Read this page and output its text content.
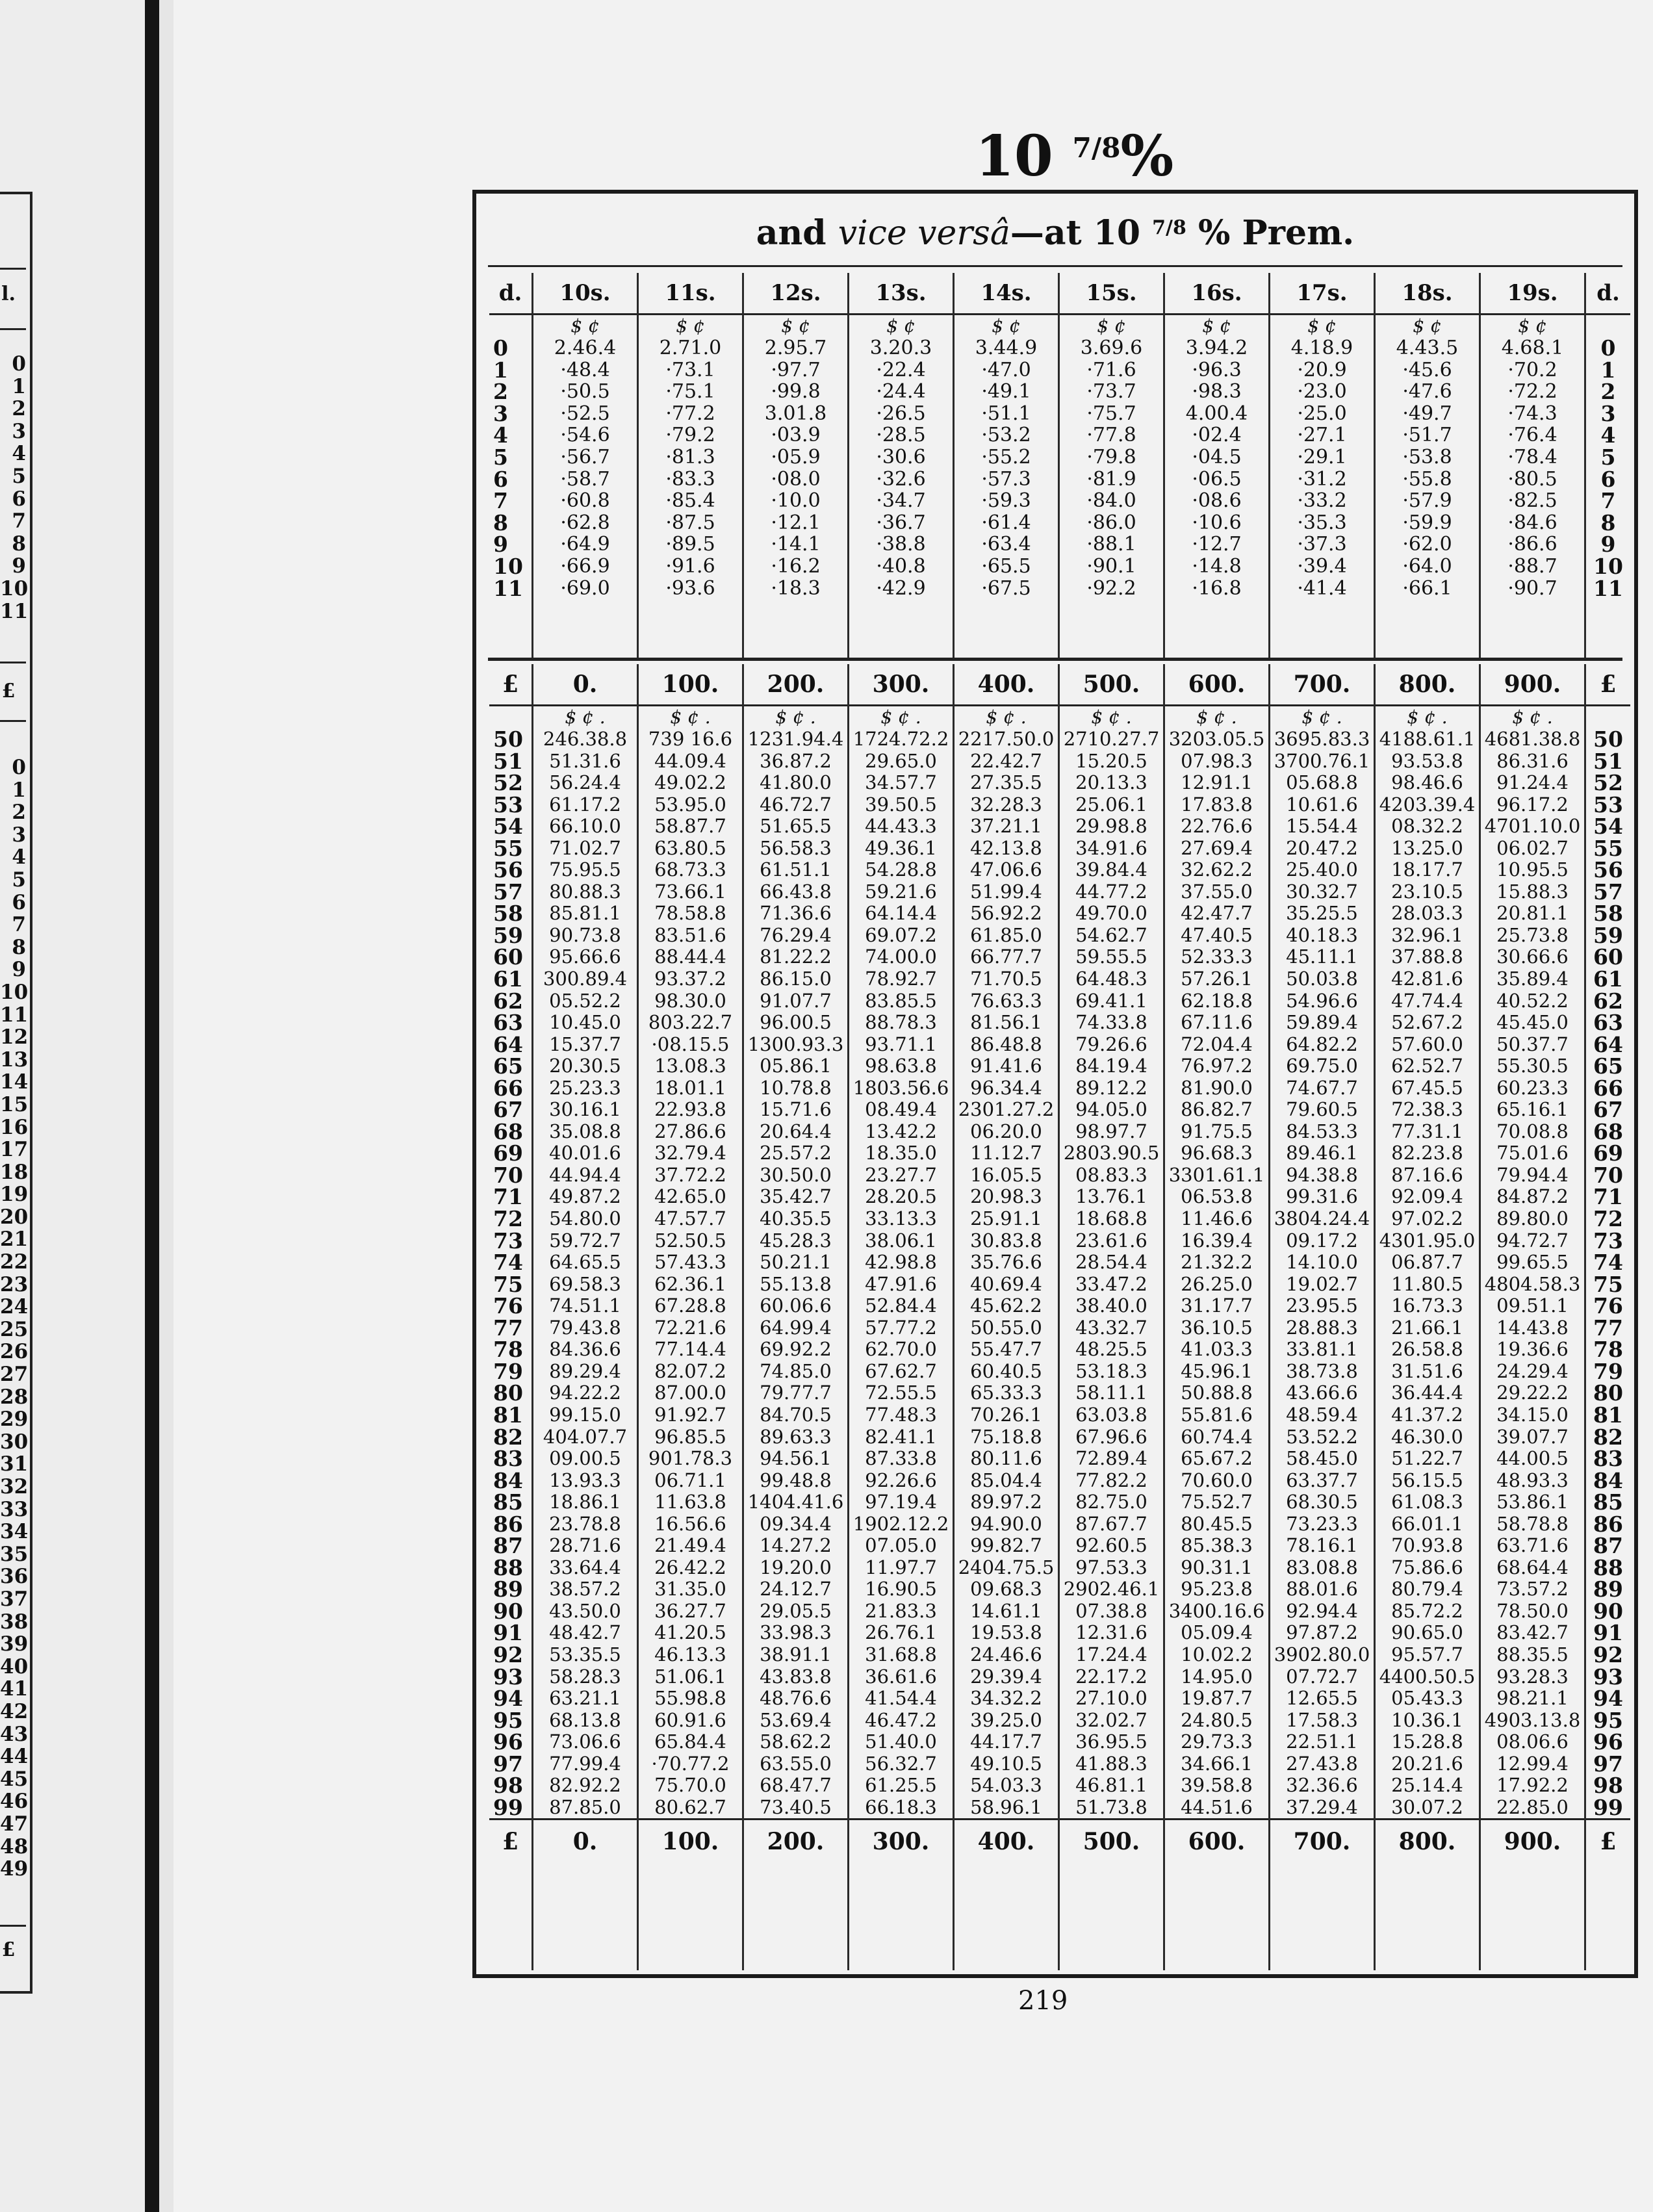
l.
0
1
2
3
4
5
6
7
8
9
10
11
£
0
1
2
3
4
5
6
7
8
9
10
11
12
13
14
15
16
17
18
19
20
21
22
23
24
25
26
27
28
29
30
31
32
33
34
35
36
37
38
39
40
41
42
43
44
45
46
47
48
49
£
10 $^{7/8}$%
and vice versâ—at 10 $^{7/8}$ % Prem.
d.
0
1
2
3
4
5
6
7
8
9
10
11
10s.
$ ¢
2.46.4
·48.4
·50.5
·52.5
·54.6
·56.7
·58.7
·60.8
·62.8
·64.9
·66.9
·69.0
11s.
$ ¢
2.71.0
·73.1
·75.1
·77.2
·79.2
·81.3
·83.3
·85.4
·87.5
·89.5
·91.6
·93.6
12s.
$ ¢
2.95.7
·97.7
·99.8
3.01.8
·03.9
·05.9
·08.0
·10.0
·12.1
·14.1
·16.2
·18.3
13s.
$ ¢
3.20.3
·22.4
·24.4
·26.5
·28.5
·30.6
·32.6
·34.7
·36.7
·38.8
·40.8
·42.9
14s.
$ ¢
3.44.9
·47.0
·49.1
·51.1
·53.2
·55.2
·57.3
·59.3
·61.4
·63.4
·65.5
·67.5
15s.
$ ¢
3.69.6
·71.6
·73.7
·75.7
·77.8
·79.8
·81.9
·84.0
·86.0
·88.1
·90.1
·92.2
16s.
$ ¢
3.94.2
·96.3
·98.3
4.00.4
·02.4
·04.5
·06.5
·08.6
·10.6
·12.7
·14.8
·16.8
17s.
$ ¢
4.18.9
·20.9
·23.0
·25.0
·27.1
·29.1
·31.2
·33.2
·35.3
·37.3
·39.4
·41.4
18s.
$ ¢
4.43.5
·45.6
·47.6
·49.7
·51.7
·53.8
·55.8
·57.9
·59.9
·62.0
·64.0
·66.1
19s.
$ ¢
4.68.1
·70.2
·72.2
·74.3
·76.4
·78.4
·80.5
·82.5
·84.6
·86.6
·88.7
·90.7
d.
0
1
2
3
4
5
6
7
8
9
10
11
£
50
51
52
53
54
55
56
57
58
59
60
61
62
63
64
65
66
67
68
69
70
71
72
73
74
75
76
77
78
79
80
81
82
83
84
85
86
87
88
89
90
91
92
93
94
95
96
97
98
99
£
0.
$ ¢ .
246.38.8
51.31.6
56.24.4
61.17.2
66.10.0
71.02.7
75.95.5
80.88.3
85.81.1
90.73.8
95.66.6
300.89.4
05.52.2
10.45.0
15.37.7
20.30.5
25.23.3
30.16.1
35.08.8
40.01.6
44.94.4
49.87.2
54.80.0
59.72.7
64.65.5
69.58.3
74.51.1
79.43.8
84.36.6
89.29.4
94.22.2
99.15.0
404.07.7
09.00.5
13.93.3
18.86.1
23.78.8
28.71.6
33.64.4
38.57.2
43.50.0
48.42.7
53.35.5
58.28.3
63.21.1
68.13.8
73.06.6
77.99.4
82.92.2
87.85.0
0.
100.
$ ¢ .
739 16.6
44.09.4
49.02.2
53.95.0
58.87.7
63.80.5
68.73.3
73.66.1
78.58.8
83.51.6
88.44.4
93.37.2
98.30.0
803.22.7
·08.15.5
13.08.3
18.01.1
22.93.8
27.86.6
32.79.4
37.72.2
42.65.0
47.57.7
52.50.5
57.43.3
62.36.1
67.28.8
72.21.6
77.14.4
82.07.2
87.00.0
91.92.7
96.85.5
901.78.3
06.71.1
11.63.8
16.56.6
21.49.4
26.42.2
31.35.0
36.27.7
41.20.5
46.13.3
51.06.1
55.98.8
60.91.6
65.84.4
·70.77.2
75.70.0
80.62.7
100.
200.
$ ¢ .
1231.94.4
36.87.2
41.80.0
46.72.7
51.65.5
56.58.3
61.51.1
66.43.8
71.36.6
76.29.4
81.22.2
86.15.0
91.07.7
96.00.5
1300.93.3
05.86.1
10.78.8
15.71.6
20.64.4
25.57.2
30.50.0
35.42.7
40.35.5
45.28.3
50.21.1
55.13.8
60.06.6
64.99.4
69.92.2
74.85.0
79.77.7
84.70.5
89.63.3
94.56.1
99.48.8
1404.41.6
09.34.4
14.27.2
19.20.0
24.12.7
29.05.5
33.98.3
38.91.1
43.83.8
48.76.6
53.69.4
58.62.2
63.55.0
68.47.7
73.40.5
200.
300.
$ ¢ .
1724.72.2
29.65.0
34.57.7
39.50.5
44.43.3
49.36.1
54.28.8
59.21.6
64.14.4
69.07.2
74.00.0
78.92.7
83.85.5
88.78.3
93.71.1
98.63.8
1803.56.6
08.49.4
13.42.2
18.35.0
23.27.7
28.20.5
33.13.3
38.06.1
42.98.8
47.91.6
52.84.4
57.77.2
62.70.0
67.62.7
72.55.5
77.48.3
82.41.1
87.33.8
92.26.6
97.19.4
1902.12.2
07.05.0
11.97.7
16.90.5
21.83.3
26.76.1
31.68.8
36.61.6
41.54.4
46.47.2
51.40.0
56.32.7
61.25.5
66.18.3
300.
400.
$ ¢ .
2217.50.0
22.42.7
27.35.5
32.28.3
37.21.1
42.13.8
47.06.6
51.99.4
56.92.2
61.85.0
66.77.7
71.70.5
76.63.3
81.56.1
86.48.8
91.41.6
96.34.4
2301.27.2
06.20.0
11.12.7
16.05.5
20.98.3
25.91.1
30.83.8
35.76.6
40.69.4
45.62.2
50.55.0
55.47.7
60.40.5
65.33.3
70.26.1
75.18.8
80.11.6
85.04.4
89.97.2
94.90.0
99.82.7
2404.75.5
09.68.3
14.61.1
19.53.8
24.46.6
29.39.4
34.32.2
39.25.0
44.17.7
49.10.5
54.03.3
58.96.1
400.
500.
$ ¢ .
2710.27.7
15.20.5
20.13.3
25.06.1
29.98.8
34.91.6
39.84.4
44.77.2
49.70.0
54.62.7
59.55.5
64.48.3
69.41.1
74.33.8
79.26.6
84.19.4
89.12.2
94.05.0
98.97.7
2803.90.5
08.83.3
13.76.1
18.68.8
23.61.6
28.54.4
33.47.2
38.40.0
43.32.7
48.25.5
53.18.3
58.11.1
63.03.8
67.96.6
72.89.4
77.82.2
82.75.0
87.67.7
92.60.5
97.53.3
2902.46.1
07.38.8
12.31.6
17.24.4
22.17.2
27.10.0
32.02.7
36.95.5
41.88.3
46.81.1
51.73.8
500.
600.
$ ¢ .
3203.05.5
07.98.3
12.91.1
17.83.8
22.76.6
27.69.4
32.62.2
37.55.0
42.47.7
47.40.5
52.33.3
57.26.1
62.18.8
67.11.6
72.04.4
76.97.2
81.90.0
86.82.7
91.75.5
96.68.3
3301.61.1
06.53.8
11.46.6
16.39.4
21.32.2
26.25.0
31.17.7
36.10.5
41.03.3
45.96.1
50.88.8
55.81.6
60.74.4
65.67.2
70.60.0
75.52.7
80.45.5
85.38.3
90.31.1
95.23.8
3400.16.6
05.09.4
10.02.2
14.95.0
19.87.7
24.80.5
29.73.3
34.66.1
39.58.8
44.51.6
600.
700.
$ ¢ .
3695.83.3
3700.76.1
05.68.8
10.61.6
15.54.4
20.47.2
25.40.0
30.32.7
35.25.5
40.18.3
45.11.1
50.03.8
54.96.6
59.89.4
64.82.2
69.75.0
74.67.7
79.60.5
84.53.3
89.46.1
94.38.8
99.31.6
3804.24.4
09.17.2
14.10.0
19.02.7
23.95.5
28.88.3
33.81.1
38.73.8
43.66.6
48.59.4
53.52.2
58.45.0
63.37.7
68.30.5
73.23.3
78.16.1
83.08.8
88.01.6
92.94.4
97.87.2
3902.80.0
07.72.7
12.65.5
17.58.3
22.51.1
27.43.8
32.36.6
37.29.4
700.
800.
$ ¢ .
4188.61.1
93.53.8
98.46.6
4203.39.4
08.32.2
13.25.0
18.17.7
23.10.5
28.03.3
32.96.1
37.88.8
42.81.6
47.74.4
52.67.2
57.60.0
62.52.7
67.45.5
72.38.3
77.31.1
82.23.8
87.16.6
92.09.4
97.02.2
4301.95.0
06.87.7
11.80.5
16.73.3
21.66.1
26.58.8
31.51.6
36.44.4
41.37.2
46.30.0
51.22.7
56.15.5
61.08.3
66.01.1
70.93.8
75.86.6
80.79.4
85.72.2
90.65.0
95.57.7
4400.50.5
05.43.3
10.36.1
15.28.8
20.21.6
25.14.4
30.07.2
800.
900.
$ ¢ .
4681.38.8
86.31.6
91.24.4
96.17.2
4701.10.0
06.02.7
10.95.5
15.88.3
20.81.1
25.73.8
30.66.6
35.89.4
40.52.2
45.45.0
50.37.7
55.30.5
60.23.3
65.16.1
70.08.8
75.01.6
79.94.4
84.87.2
89.80.0
94.72.7
99.65.5
4804.58.3
09.51.1
14.43.8
19.36.6
24.29.4
29.22.2
34.15.0
39.07.7
44.00.5
48.93.3
53.86.1
58.78.8
63.71.6
68.64.4
73.57.2
78.50.0
83.42.7
88.35.5
93.28.3
98.21.1
4903.13.8
08.06.6
12.99.4
17.92.2
22.85.0
900.
£
50
51
52
53
54
55
56
57
58
59
60
61
62
63
64
65
66
67
68
69
70
71
72
73
74
75
76
77
78
79
80
81
82
83
84
85
86
87
88
89
90
91
92
93
94
95
96
97
98
99
£
219
